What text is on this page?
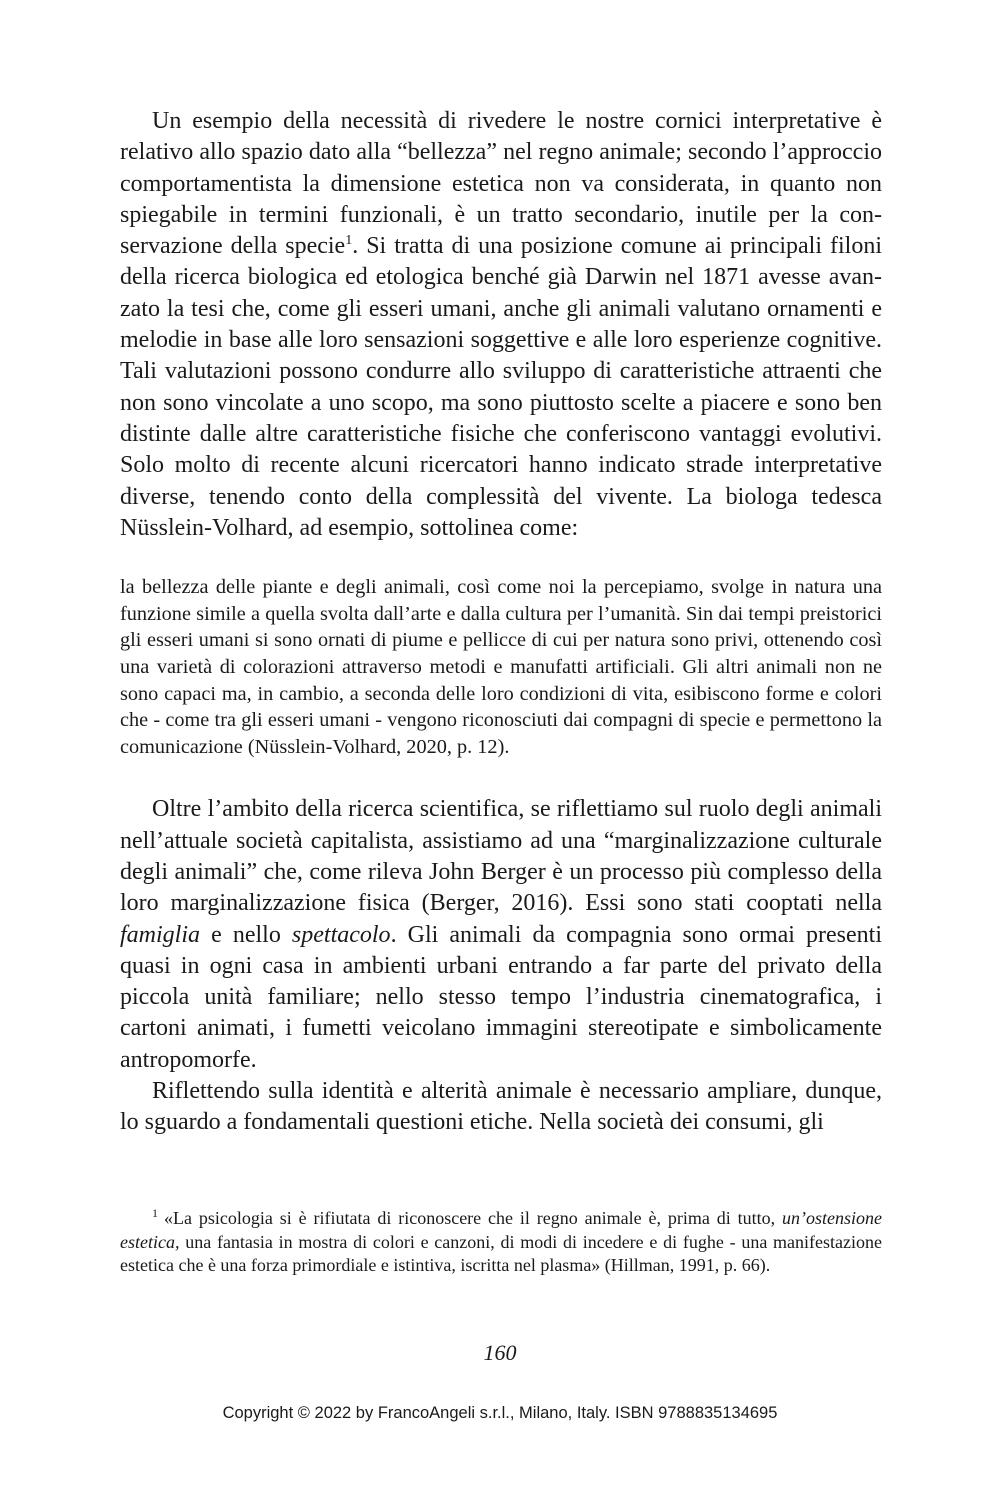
Un esempio della necessità di rivedere le nostre cornici interpretative è relativo allo spazio dato alla “bellezza” nel regno animale; secondo l’approccio comportamentista la dimensione estetica non va considerata, in quanto non spiegabile in termini funzionali, è un tratto secondario, inutile per la conservazione della specie$^1$. Si tratta di una posizione comune ai principali filoni della ricerca biologica ed etologica benché già Darwin nel 1871 avesse avanzato la tesi che, come gli esseri umani, anche gli animali valutano ornamenti e melodie in base alle loro sensazioni soggettive e alle loro esperienze cognitive. Tali valutazioni possono condurre allo sviluppo di caratteristiche attraenti che non sono vincolate a uno scopo, ma sono piuttosto scelte a piacere e sono ben distinte dalle altre caratteristiche fisiche che conferiscono vantaggi evolutivi. Solo molto di recente alcuni ricercatori hanno indicato strade interpretative diverse, tenendo conto della complessità del vivente. La biologa tedesca Nüsslein-Volhard, ad esempio, sottolinea come:

la bellezza delle piante e degli animali, così come noi la percepiamo, svolge in natura una funzione simile a quella svolta dall’arte e dalla cultura per l’umanità. Sin dai tempi preistorici gli esseri umani si sono ornati di piume e pellicce di cui per natura sono privi, ottenendo così una varietà di colorazioni attraverso metodi e manufatti artificiali. Gli altri animali non ne sono capaci ma, in cambio, a seconda delle loro condizioni di vita, esibiscono forme e colori che - come tra gli esseri umani - vengono riconosciuti dai compagni di specie e permettono la comunicazione (Nüsslein-Volhard, 2020, p. 12).

Oltre l’ambito della ricerca scientifica, se riflettiamo sul ruolo degli animali nell’attuale società capitalista, assistiamo ad una “marginalizzazione culturale degli animali” che, come rileva John Berger è un processo più complesso della loro marginalizzazione fisica (Berger, 2016). Essi sono stati cooptati nella famiglia e nello spettacolo. Gli animali da compagnia sono ormai presenti quasi in ogni casa in ambienti urbani entrando a far parte del privato della piccola unità familiare; nello stesso tempo l’industria cinematografica, i cartoni animati, i fumetti veicolano immagini stereotipate e simbolicamente antropomorfe.

Riflettendo sulla identità e alterità animale è necessario ampliare, dunque, lo sguardo a fondamentali questioni etiche. Nella società dei consumi, gli

$^1$ «La psicologia si è rifiutata di riconoscere che il regno animale è, prima di tutto, un’ostensione estetica, una fantasia in mostra di colori e canzoni, di modi di incedere e di fughe - una manifestazione estetica che è una forza primordiale e istintiva, iscritta nel plasma» (Hillman, 1991, p. 66).

160
Copyright © 2022 by FrancoAngeli s.r.l., Milano, Italy. ISBN 9788835134695
